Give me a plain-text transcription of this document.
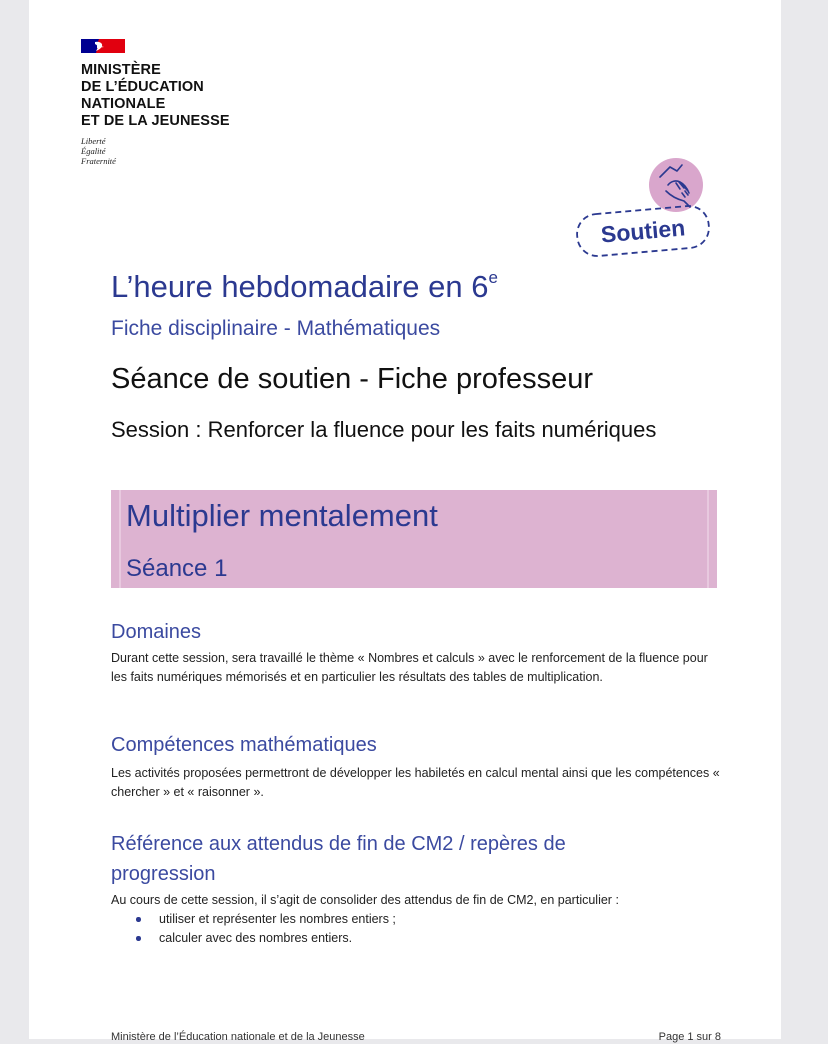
MINISTÈRE
DE L’ÉDUCATION
NATIONALE
ET DE LA JEUNESSE
Liberté
Égalité
Fraternité
Soutien
L’heure hebdomadaire en 6e
Fiche disciplinaire - Mathématiques
Séance de soutien - Fiche professeur
Session : Renforcer la fluence pour les faits numériques
Multiplier mentalement
Séance 1
Domaines
Durant cette session, sera travaillé le thème « Nombres et calculs » avec le renforcement de la fluence pour les faits numériques mémorisés et en particulier les résultats des tables de multiplication.
Compétences mathématiques
Les activités proposées permettront de développer les habiletés en calcul mental ainsi que les compétences « chercher » et « raisonner ».
Référence aux attendus de fin de CM2 / repères de progression
Au cours de cette session, il s’agit de consolider des attendus de fin de CM2, en particulier :
utiliser et représenter les nombres entiers ;
calculer avec des nombres entiers.
Ministère de l’Éducation nationale et de la Jeunesse	Page 1 sur 8
